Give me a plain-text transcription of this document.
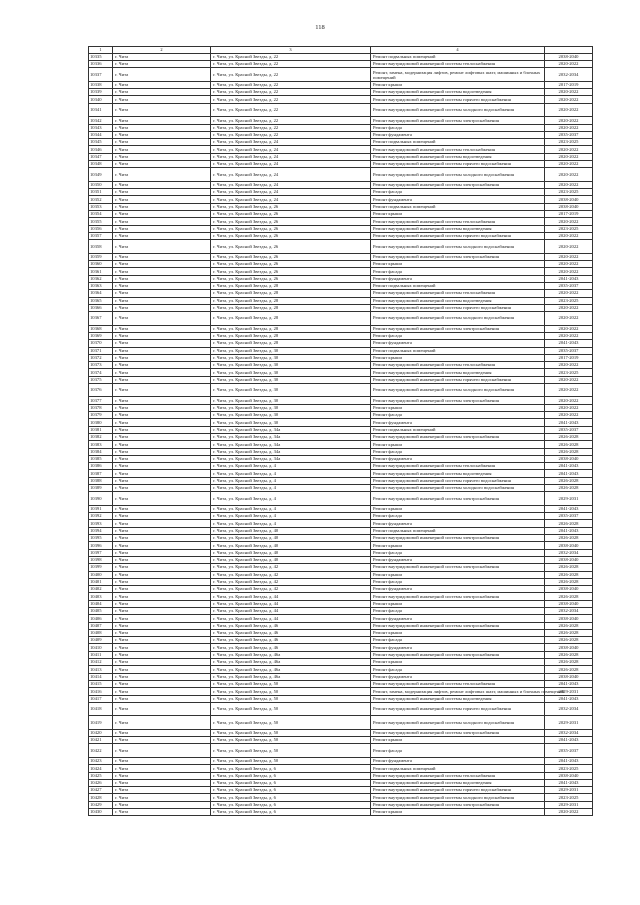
118
1	2	3	4	
10335	г. Чита	г. Чита, ул. Красной Звезды, д. 22	Ремонт подвальных помещений	2038-2040
10336	г. Чита	г. Чита, ул. Красной Звезды, д. 22	Ремонт внутридомовой инженерной системы теплоснабжения	2020-2022
10337	г. Чита	г. Чита, ул. Красной Звезды, д. 22	Ремонт, замена, модернизация лифтов, ремонт лифтовых шахт, машинных и блочных помещений	2032-2034
10338	г. Чита	г. Чита, ул. Красной Звезды, д. 22	Ремонт крыши	2017-2019
10339	г. Чита	г. Чита, ул. Красной Звезды, д. 22	Ремонт внутридомовой инженерной системы водоотведения	2020-2022
10340	г. Чита	г. Чита, ул. Красной Звезды, д. 22	Ремонт внутридомовой инженерной системы горячего водоснабжения	2020-2022
10341	г. Чита	г. Чита, ул. Красной Звезды, д. 22	Ремонт внутридомовой инженерной системы холодного водоснабжения	2020-2022
10342	г. Чита	г. Чита, ул. Красной Звезды, д. 22	Ремонт внутридомовой инженерной системы электроснабжения	2020-2022
10343	г. Чита	г. Чита, ул. Красной Звезды, д. 22	Ремонт фасада	2020-2022
10344	г. Чита	г. Чита, ул. Красной Звезды, д. 22	Ремонт фундамента	2035-2037
10345	г. Чита	г. Чита, ул. Красной Звезды, д. 24	Ремонт подвальных помещений	2023-2025
10346	г. Чита	г. Чита, ул. Красной Звезды, д. 24	Ремонт внутридомовой инженерной системы теплоснабжения	2020-2022
10347	г. Чита	г. Чита, ул. Красной Звезды, д. 24	Ремонт внутридомовой инженерной системы водоотведения	2020-2022
10348	г. Чита	г. Чита, ул. Красной Звезды, д. 24	Ремонт внутридомовой инженерной системы горячего водоснабжения	2020-2022
10349	г. Чита	г. Чита, ул. Красной Звезды, д. 24	Ремонт внутридомовой инженерной системы холодного водоснабжения	2020-2022
10350	г. Чита	г. Чита, ул. Красной Звезды, д. 24	Ремонт внутридомовой инженерной системы электроснабжения	2020-2022
10351	г. Чита	г. Чита, ул. Красной Звезды, д. 24	Ремонт фасада	2023-2025
10352	г. Чита	г. Чита, ул. Красной Звезды, д. 24	Ремонт фундамента	2038-2040
10353	г. Чита	г. Чита, ул. Красной Звезды, д. 26	Ремонт подвальных помещений	2038-2040
10354	г. Чита	г. Чита, ул. Красной Звезды, д. 26	Ремонт крыши	2017-2019
10355	г. Чита	г. Чита, ул. Красной Звезды, д. 26	Ремонт внутридомовой инженерной системы теплоснабжения	2020-2022
10356	г. Чита	г. Чита, ул. Красной Звезды, д. 26	Ремонт внутридомовой инженерной системы водоотведения	2023-2025
10357	г. Чита	г. Чита, ул. Красной Звезды, д. 26	Ремонт внутридомовой инженерной системы горячего водоснабжения	2020-2022
10358	г. Чита	г. Чита, ул. Красной Звезды, д. 26	Ремонт внутридомовой инженерной системы холодного водоснабжения	2020-2022
10359	г. Чита	г. Чита, ул. Красной Звезды, д. 26	Ремонт внутридомовой инженерной системы электроснабжения	2020-2022
10360	г. Чита	г. Чита, ул. Красной Звезды, д. 26	Ремонт крыши	2020-2022
10361	г. Чита	г. Чита, ул. Красной Звезды, д. 26	Ремонт фасада	2020-2022
10362	г. Чита	г. Чита, ул. Красной Звезды, д. 26	Ремонт фундамента	2041-2043
10363	г. Чита	г. Чита, ул. Красной Звезды, д. 28	Ремонт подвальных помещений	2035-2037
10364	г. Чита	г. Чита, ул. Красной Звезды, д. 28	Ремонт внутридомовой инженерной системы теплоснабжения	2020-2022
10365	г. Чита	г. Чита, ул. Красной Звезды, д. 28	Ремонт внутридомовой инженерной системы водоотведения	2023-2025
10366	г. Чита	г. Чита, ул. Красной Звезды, д. 28	Ремонт внутридомовой инженерной системы горячего водоснабжения	2020-2022
10367	г. Чита	г. Чита, ул. Красной Звезды, д. 28	Ремонт внутридомовой инженерной системы холодного водоснабжения	2020-2022
10368	г. Чита	г. Чита, ул. Красной Звезды, д. 28	Ремонт внутридомовой инженерной системы электроснабжения	2020-2022
10369	г. Чита	г. Чита, ул. Красной Звезды, д. 28	Ремонт фасада	2020-2022
10370	г. Чита	г. Чита, ул. Красной Звезды, д. 28	Ремонт фундамента	2041-2043
10371	г. Чита	г. Чита, ул. Красной Звезды, д. 30	Ремонт подвальных помещений	2035-2037
10372	г. Чита	г. Чита, ул. Красной Звезды, д. 30	Ремонт крыши	2017-2019
10373	г. Чита	г. Чита, ул. Красной Звезды, д. 30	Ремонт внутридомовой инженерной системы теплоснабжения	2020-2022
10374	г. Чита	г. Чита, ул. Красной Звезды, д. 30	Ремонт внутридомовой инженерной системы водоотведения	2023-2025
10375	г. Чита	г. Чита, ул. Красной Звезды, д. 30	Ремонт внутридомовой инженерной системы горячего водоснабжения	2020-2022
10376	г. Чита	г. Чита, ул. Красной Звезды, д. 30	Ремонт внутридомовой инженерной системы холодного водоснабжения	2020-2022
10377	г. Чита	г. Чита, ул. Красной Звезды, д. 30	Ремонт внутридомовой инженерной системы электроснабжения	2020-2022
10378	г. Чита	г. Чита, ул. Красной Звезды, д. 30	Ремонт крыши	2020-2022
10379	г. Чита	г. Чита, ул. Красной Звезды, д. 30	Ремонт фасада	2020-2022
10380	г. Чита	г. Чита, ул. Красной Звезды, д. 30	Ремонт фундамента	2041-2043
10381	г. Чита	г. Чита, ул. Красной Звезды, д. 34а	Ремонт подвальных помещений	2035-2037
10382	г. Чита	г. Чита, ул. Красной Звезды, д. 34а	Ремонт внутридомовой инженерной системы электроснабжения	2026-2028
10383	г. Чита	г. Чита, ул. Красной Звезды, д. 34а	Ремонт крыши	2026-2028
10384	г. Чита	г. Чита, ул. Красной Звезды, д. 34а	Ремонт фасада	2026-2028
10385	г. Чита	г. Чита, ул. Красной Звезды, д. 34а	Ремонт фундамента	2038-2040
10386	г. Чита	г. Чита, ул. Красной Звезды, д. 4	Ремонт внутридомовой инженерной системы теплоснабжения	2041-2043
10387	г. Чита	г. Чита, ул. Красной Звезды, д. 4	Ремонт внутридомовой инженерной системы водоотведения	2041-2043
10388	г. Чита	г. Чита, ул. Красной Звезды, д. 4	Ремонт внутридомовой инженерной системы горячего водоснабжения	2026-2028
10389	г. Чита	г. Чита, ул. Красной Звезды, д. 4	Ремонт внутридомовой инженерной системы холодного водоснабжения	2026-2028
10390	г. Чита	г. Чита, ул. Красной Звезды, д. 4	Ремонт внутридомовой инженерной системы электроснабжения	2029-2031
10391	г. Чита	г. Чита, ул. Красной Звезды, д. 4	Ремонт крыши	2041-2043
10392	г. Чита	г. Чита, ул. Красной Звезды, д. 4	Ремонт фасада	2035-2037
10393	г. Чита	г. Чита, ул. Красной Звезды, д. 4	Ремонт фундамента	2026-2028
10394	г. Чита	г. Чита, ул. Красной Звезды, д. 40	Ремонт подвальных помещений	2041-2043
10395	г. Чита	г. Чита, ул. Красной Звезды, д. 40	Ремонт внутридомовой инженерной системы электроснабжения	2026-2028
10396	г. Чита	г. Чита, ул. Красной Звезды, д. 40	Ремонт крыши	2038-2040
10397	г. Чита	г. Чита, ул. Красной Звезды, д. 40	Ремонт фасада	2032-2034
10398	г. Чита	г. Чита, ул. Красной Звезды, д. 40	Ремонт фундамента	2038-2040
10399	г. Чита	г. Чита, ул. Красной Звезды, д. 42	Ремонт внутридомовой инженерной системы электроснабжения	2026-2028
10400	г. Чита	г. Чита, ул. Красной Звезды, д. 42	Ремонт крыши	2026-2028
10401	г. Чита	г. Чита, ул. Красной Звезды, д. 42	Ремонт фасада	2026-2028
10402	г. Чита	г. Чита, ул. Красной Звезды, д. 42	Ремонт фундамента	2038-2040
10403	г. Чита	г. Чита, ул. Красной Звезды, д. 44	Ремонт внутридомовой инженерной системы электроснабжения	2026-2028
10404	г. Чита	г. Чита, ул. Красной Звезды, д. 44	Ремонт крыши	2038-2040
10405	г. Чита	г. Чита, ул. Красной Звезды, д. 44	Ремонт фасада	2032-2034
10406	г. Чита	г. Чита, ул. Красной Звезды, д. 44	Ремонт фундамента	2038-2040
10407	г. Чита	г. Чита, ул. Красной Звезды, д. 46	Ремонт внутридомовой инженерной системы электроснабжения	2026-2028
10408	г. Чита	г. Чита, ул. Красной Звезды, д. 46	Ремонт крыши	2026-2028
10409	г. Чита	г. Чита, ул. Красной Звезды, д. 46	Ремонт фасада	2026-2028
10410	г. Чита	г. Чита, ул. Красной Звезды, д. 46	Ремонт фундамента	2038-2040
10411	г. Чита	г. Чита, ул. Красной Звезды, д. 46а	Ремонт внутридомовой инженерной системы электроснабжения	2026-2028
10412	г. Чита	г. Чита, ул. Красной Звезды, д. 46а	Ремонт крыши	2026-2028
10413	г. Чита	г. Чита, ул. Красной Звезды, д. 46а	Ремонт фасада	2026-2028
10414	г. Чита	г. Чита, ул. Красной Звезды, д. 46а	Ремонт фундамента	2038-2040
10415	г. Чита	г. Чита, ул. Красной Звезды, д. 50	Ремонт внутридомовой инженерной системы теплоснабжения	2041-2043
10416	г. Чита	г. Чита, ул. Красной Звезды, д. 50	Ремонт, замена, модернизация лифтов, ремонт лифтовых шахт, машинных и блочных помещений	2029-2031
10417	г. Чита	г. Чита, ул. Красной Звезды, д. 50	Ремонт внутридомовой инженерной системы водоотведения	2041-2043
10418	г. Чита	г. Чита, ул. Красной Звезды, д. 50	Ремонт внутридомовой инженерной системы горячего водоснабжения	2032-2034
10419	г. Чита	г. Чита, ул. Красной Звезды, д. 50	Ремонт внутридомовой инженерной системы холодного водоснабжения	2029-2031
10420	г. Чита	г. Чита, ул. Красной Звезды, д. 50	Ремонт внутридомовой инженерной системы электроснабжения	2032-2034
10421	г. Чита	г. Чита, ул. Красной Звезды, д. 50	Ремонт крыши	2041-2043
10422	г. Чита	г. Чита, ул. Красной Звезды, д. 50	Ремонт фасада	2035-2037
10423	г. Чита	г. Чита, ул. Красной Звезды, д. 50	Ремонт фундамента	2041-2043
10424	г. Чита	г. Чита, ул. Красной Звезды, д. 6	Ремонт подвальных помещений	2023-2025
10425	г. Чита	г. Чита, ул. Красной Звезды, д. 6	Ремонт внутридомовой инженерной системы теплоснабжения	2038-2040
10426	г. Чита	г. Чита, ул. Красной Звезды, д. 6	Ремонт внутридомовой инженерной системы водоотведения	2041-2043
10427	г. Чита	г. Чита, ул. Красной Звезды, д. 6	Ремонт внутридомовой инженерной системы горячего водоснабжения	2029-2031
10428	г. Чита	г. Чита, ул. Красной Звезды, д. 6	Ремонт внутридомовой инженерной системы холодного водоснабжения	2023-2025
10429	г. Чита	г. Чита, ул. Красной Звезды, д. 6	Ремонт внутридомовой инженерной системы электроснабжения	2029-2031
10430	г. Чита	г. Чита, ул. Красной Звезды, д. 6	Ремонт крыши	2020-2022
